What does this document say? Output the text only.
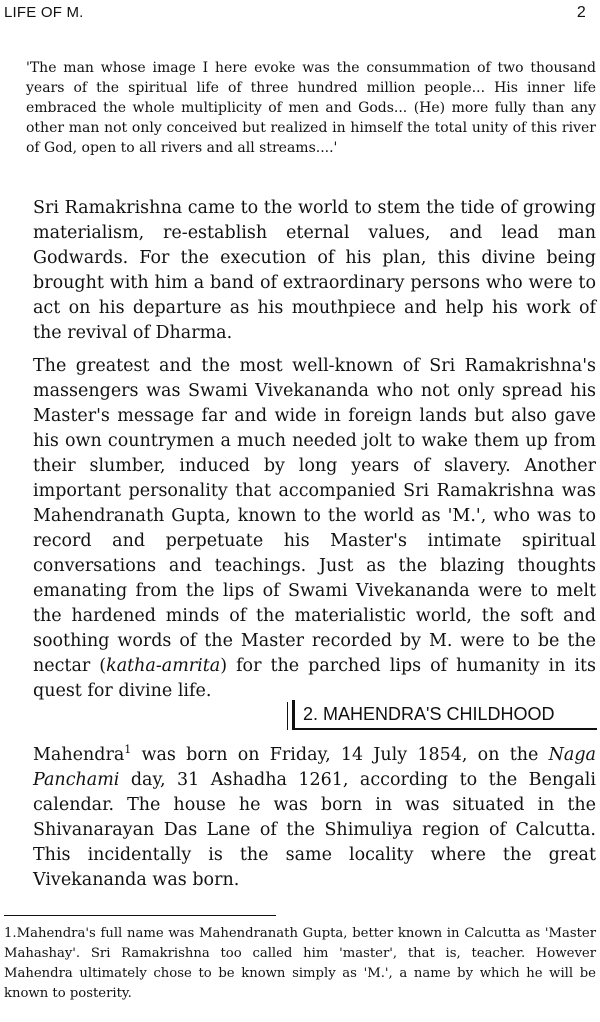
LIFE OF M.	2
'The man whose image I here evoke was the consummation of two thousand years of the spiritual life of three hundred million people... His inner life embraced the whole multiplicity of men and Gods... (He) more fully than any other man not only conceived but realized in himself the total unity of this river of God, open to all rivers and all streams....'
Sri Ramakrishna came to the world to stem the tide of growing materialism, re-establish eternal values, and lead man Godwards. For the execution of his plan, this divine being brought with him a band of extraordinary persons who were to act on his departure as his mouthpiece and help his work of the revival of Dharma.
The greatest and the most well-known of Sri Ramakrishna's massengers was Swami Vivekananda who not only spread his Master's message far and wide in foreign lands but also gave his own countrymen a much needed jolt to wake them up from their slumber, induced by long years of slavery. Another important personality that accompanied Sri Ramakrishna was Mahendranath Gupta, known to the world as 'M.', who was to record and perpetuate his Master's intimate spiritual conversations and teachings. Just as the blazing thoughts emanating from the lips of Swami Vivekananda were to melt the hardened minds of the materialistic world, the soft and soothing words of the Master recorded by M. were to be the nectar (katha-amrita) for the parched lips of humanity in its quest for divine life.
2. MAHENDRA'S CHILDHOOD
Mahendra$^1$ was born on Friday, 14 July 1854, on the Naga Panchami day, 31 Ashadha 1261, according to the Bengali calendar. The house he was born in was situated in the Shivanarayan Das Lane of the Shimuliya region of Calcutta. This incidentally is the same locality where the great Vivekananda was born.
1.Mahendra's full name was Mahendranath Gupta, better known in Calcutta as 'Master Mahashay'. Sri Ramakrishna too called him 'master', that is, teacher. However Mahendra ultimately chose to be known simply as 'M.', a name by which he will be known to posterity.
